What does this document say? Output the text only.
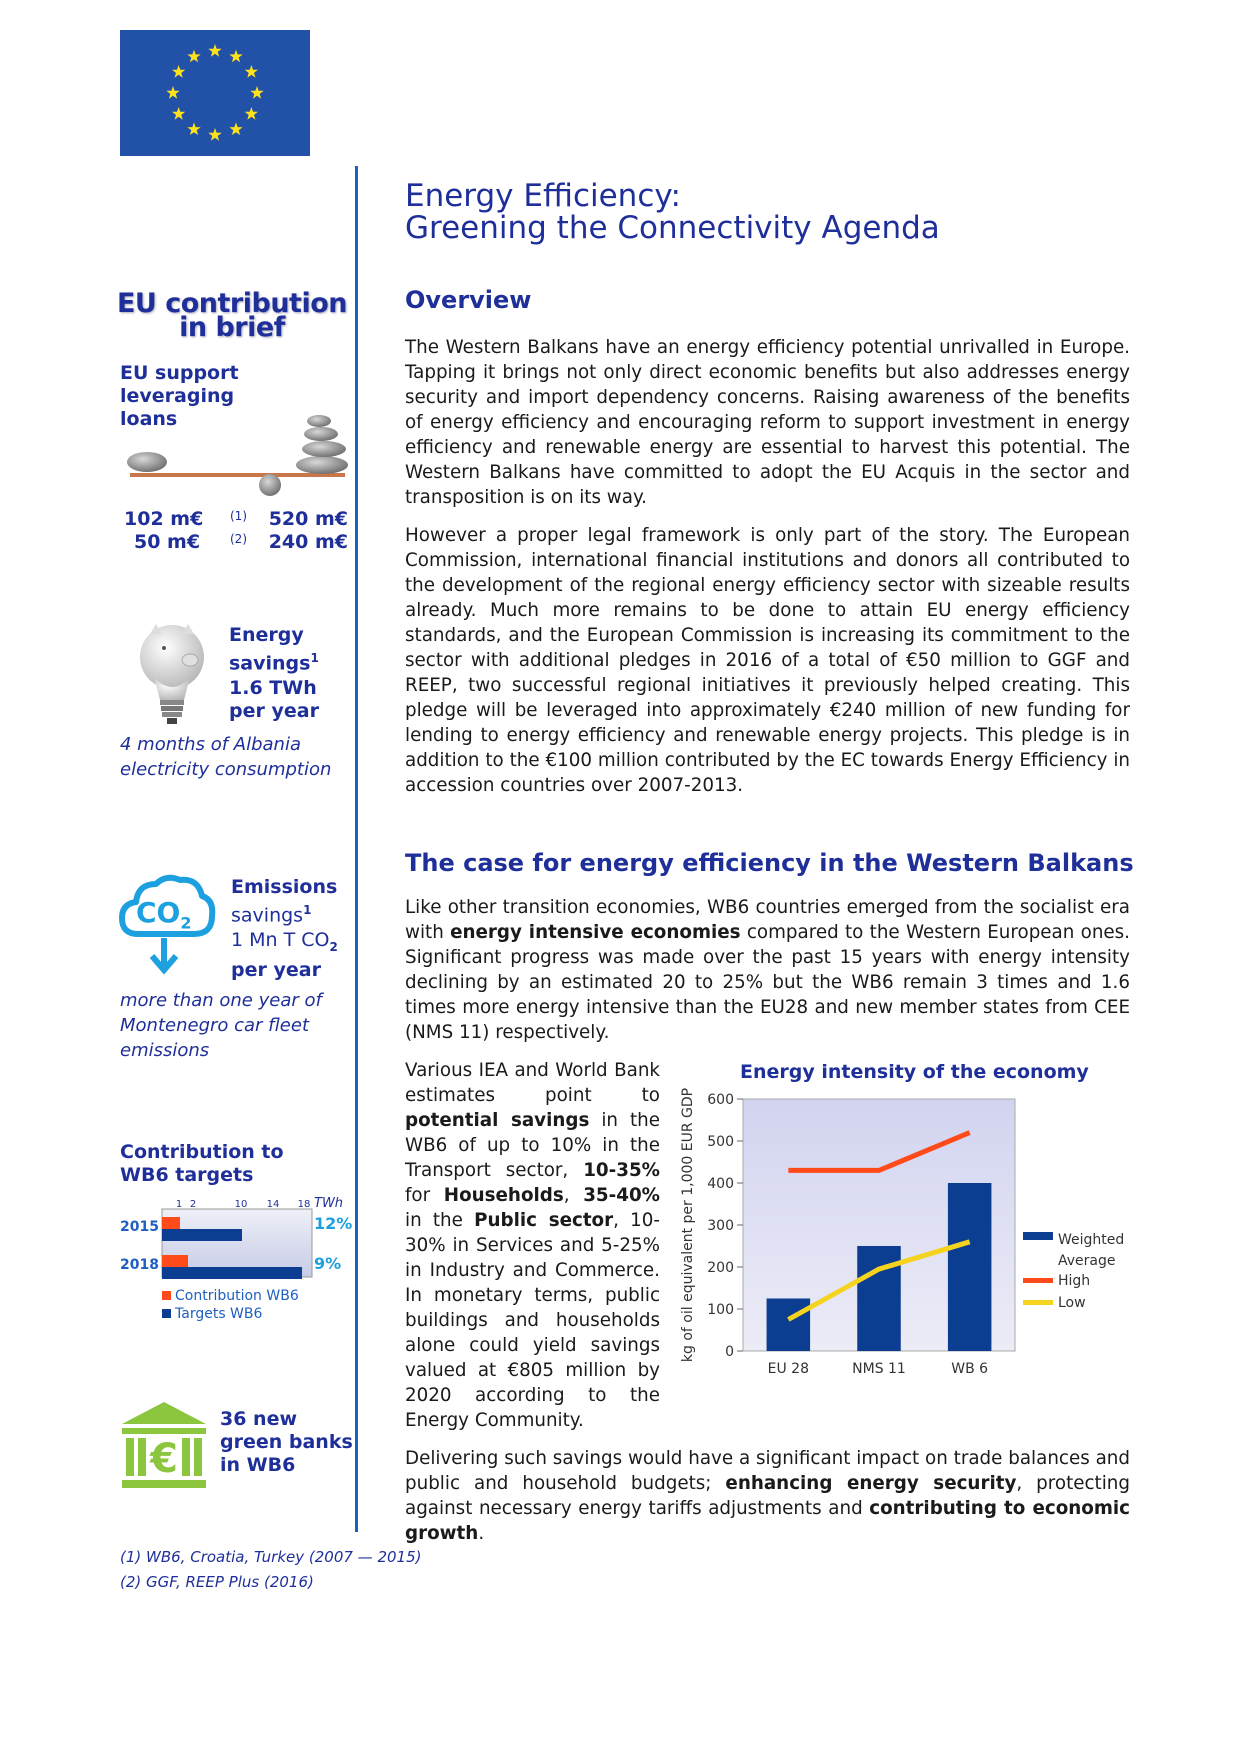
Energy Efficiency:
Greening the Connectivity Agenda
EU contribution
in brief
EU support
leveraging
loans
102 m€ (1) 520 m€
50 m€ (2) 240 m€
Energy
savings$^1$
1.6 TWh
per year
4 months of Albania
electricity consumption
$CO_2$
Emissions
savings$^1$
1 Mn T $CO_2$
per year
more than one year of
Montenegro car fleet
emissions
Contribution to
WB6 targets
1 2	10 14 18 TWh
2015	12%
2018	9%
Contribution WB6
Targets WB6
€
36 new
green banks
in WB6
Overview
The Western Balkans have an energy efficiency potential unrivalled in Europe. Tapping it brings not only direct economic benefits but also addresses energy security and import dependency concerns. Raising awareness of the benefits of energy efficiency and encouraging reform to support investment in energy efficiency and renewable energy are essential to harvest this potential. The Western Balkans have committed to adopt the EU Acquis in the sector and transposition is on its way.
However a proper legal framework is only part of the story. The European Commission, international financial institutions and donors all contributed to the development of the regional energy efficiency sector with sizeable results already. Much more remains to be done to attain EU energy efficiency standards, and the European Commission is increasing its commitment to the sector with additional pledges in 2016 of a total of €50 million to GGF and REEP, two successful regional initiatives it previously helped creating. This pledge will be leveraged into approximately €240 million of new funding for lending to energy efficiency and renewable energy projects. This pledge is in addition to the €100 million contributed by the EC towards Energy Efficiency in accession countries over 2007-2013.
The case for energy efficiency in the Western Balkans
Like other transition economies, WB6 countries emerged from the socialist era with energy intensive economies compared to the Western European ones. Significant progress was made over the past 15 years with energy intensity declining by an estimated 20 to 25% but the WB6 remain 3 times and 1.6 times more energy intensive than the EU28 and new member states from CEE (NMS 11) respectively.
Various IEA and World Bank estimates point to potential savings in the WB6 of up to 10% in the Transport sector, 10-35% for Households, 35-40% in the Public sector, 10-30% in Services and 5-25% in Industry and Commerce. In monetary terms, public buildings and households alone could yield savings valued at €805 million by 2020 according to the Energy Community.
Delivering such savings would have a significant impact on trade balances and public and household budgets; enhancing energy security, protecting against necessary energy tariffs adjustments and contributing to economic growth.
Energy intensity of the economy
kg of oil equivalent per 1,000 EUR GDP 0
100
200
300
400
500
600
EU 28	NMS 11	WB 6
Weighted
Average
High
Low
(1) WB6, Croatia, Turkey (2007 — 2015)
(2) GGF, REEP Plus (2016)
